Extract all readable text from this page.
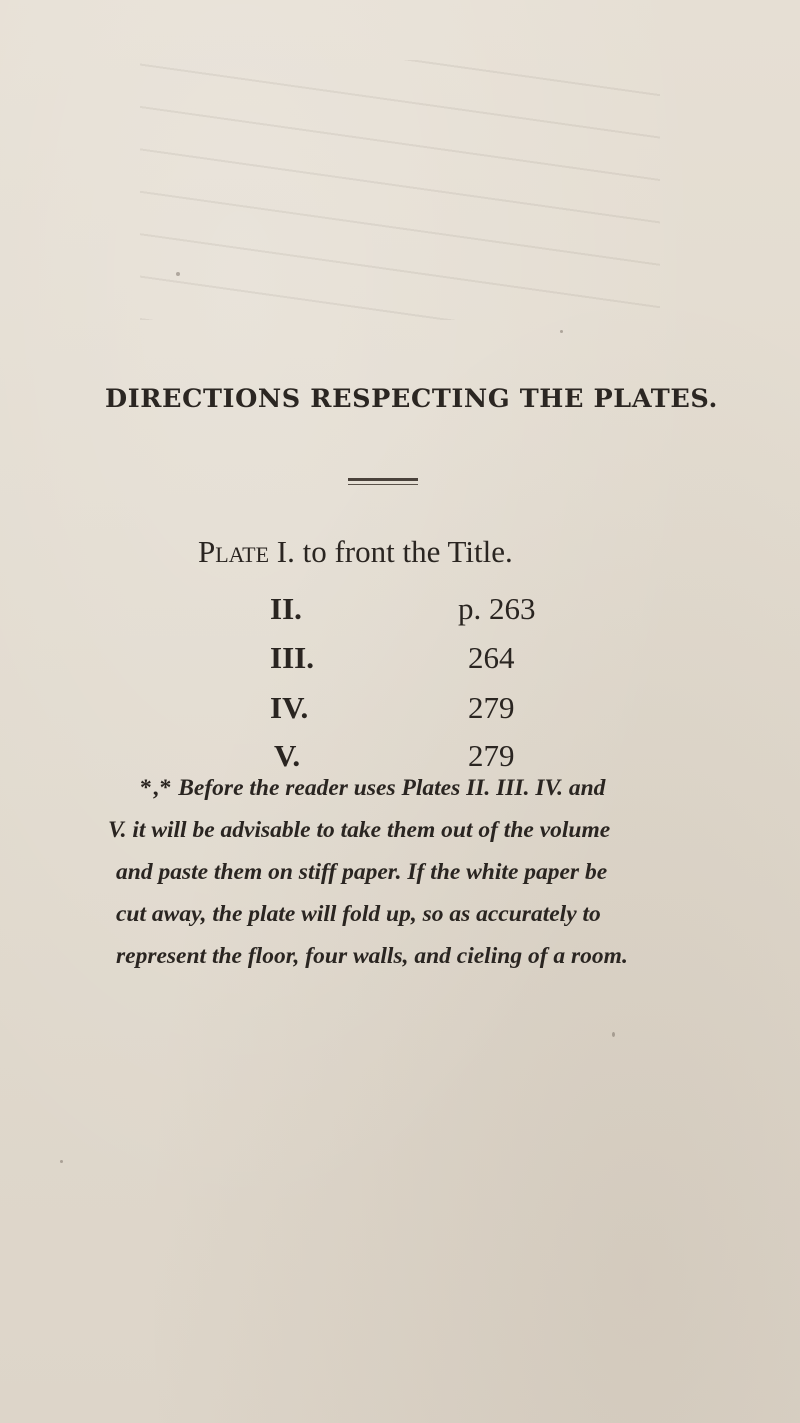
DIRECTIONS RESPECTING THE PLATES.
Plate I. to front the Title.
II.	p. 263
III.	264
IV.	279
V.	279
*,* Before the reader uses Plates II. III. IV. and
V. it will be advisable to take them out of the volume
and paste them on stiff paper. If the white paper be
cut away, the plate will fold up, so as accurately to
represent the floor, four walls, and cieling of a room.
